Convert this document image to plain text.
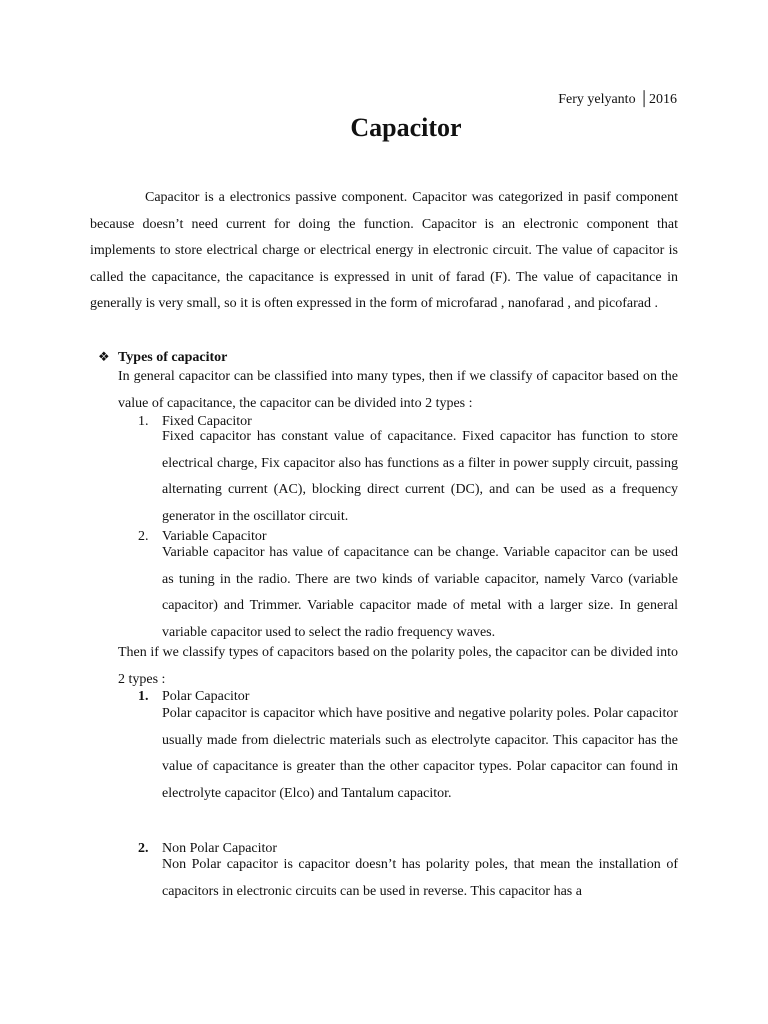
Fery yelyanto │2016
Capacitor

Capacitor is a electronics passive component. Capacitor was categorized in pasif component because doesn’t need current for doing the function. Capacitor is an electronic component that implements to store electrical charge or electrical energy in electronic circuit. The value of capacitor is called the capacitance, the capacitance is expressed in unit of farad (F). The value of capacitance in generally is very small, so it is often expressed in the form of microfarad , nanofarad , and picofarad .

❖ Types of capacitor

In general capacitor can be classified into many types, then if we classify of capacitor based on the value of capacitance, the capacitor can be divided into 2 types :

1. Fixed Capacitor

Fixed capacitor has constant value of capacitance. Fixed capacitor has function to store electrical charge, Fix capacitor also has functions as a filter in power supply circuit, passing alternating current (AC), blocking direct current (DC), and can be used as a frequency generator in the oscillator circuit.

2. Variable Capacitor

Variable capacitor has value of capacitance can be change. Variable capacitor can be used as tuning in the radio. There are two kinds of variable capacitor, namely Varco (variable capacitor) and Trimmer. Variable capacitor made of metal with a larger size. In general variable capacitor used to select the radio frequency waves.

Then if we classify types of capacitors based on the polarity poles, the capacitor can be divided into 2 types :

1. Polar Capacitor

Polar capacitor is capacitor which have positive and negative polarity poles. Polar capacitor usually made from dielectric materials such as electrolyte capacitor. This capacitor has the value of capacitance is greater than the other capacitor types. Polar capacitor can found in electrolyte capacitor (Elco) and Tantalum capacitor.

2. Non Polar Capacitor

Non Polar capacitor is capacitor doesn’t has polarity poles, that mean the installation of capacitors in electronic circuits can be used in reverse. This capacitor has a
